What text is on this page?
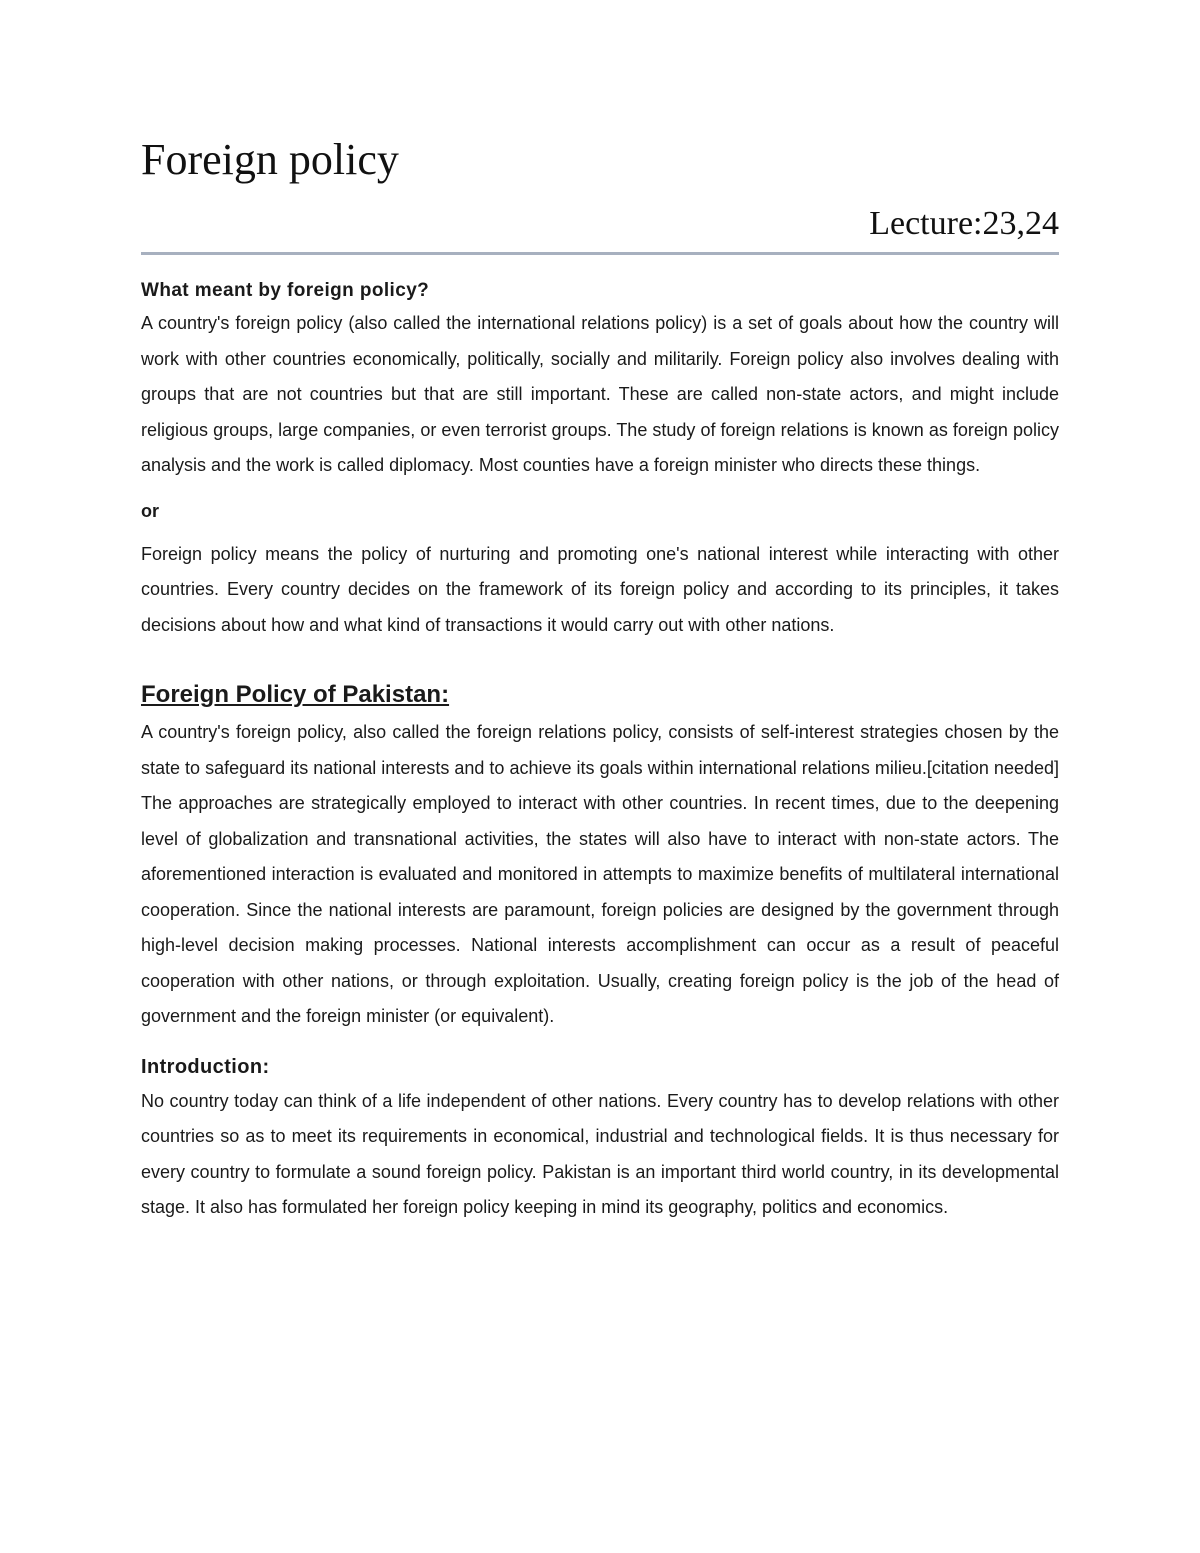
Foreign policy
Lecture:23,24
What meant by foreign policy?

A country's foreign policy (also called the international relations policy) is a set of goals about how the country will work with other countries economically, politically, socially and militarily. Foreign policy also involves dealing with groups that are not countries but that are still important. These are called non-state actors, and might include religious groups, large companies, or even terrorist groups. The study of foreign relations is known as foreign policy analysis and the work is called diplomacy. Most counties have a foreign minister who directs these things.

or

Foreign policy means the policy of nurturing and promoting one's national interest while interacting with other countries. Every country decides on the framework of its foreign policy and according to its principles, it takes decisions about how and what kind of transactions it would carry out with other nations.

Foreign Policy of Pakistan:

A country's foreign policy, also called the foreign relations policy, consists of self-interest strategies chosen by the state to safeguard its national interests and to achieve its goals within international relations milieu.[citation needed] The approaches are strategically employed to interact with other countries. In recent times, due to the deepening level of globalization and transnational activities, the states will also have to interact with non-state actors. The aforementioned interaction is evaluated and monitored in attempts to maximize benefits of multilateral international cooperation. Since the national interests are paramount, foreign policies are designed by the government through high-level decision making processes. National interests accomplishment can occur as a result of peaceful cooperation with other nations, or through exploitation. Usually, creating foreign policy is the job of the head of government and the foreign minister (or equivalent).

Introduction:

No country today can think of a life independent of other nations. Every country has to develop relations with other countries so as to meet its requirements in economical, industrial and technological fields. It is thus necessary for every country to formulate a sound foreign policy. Pakistan is an important third world country, in its developmental stage. It also has formulated her foreign policy keeping in mind its geography, politics and economics.
